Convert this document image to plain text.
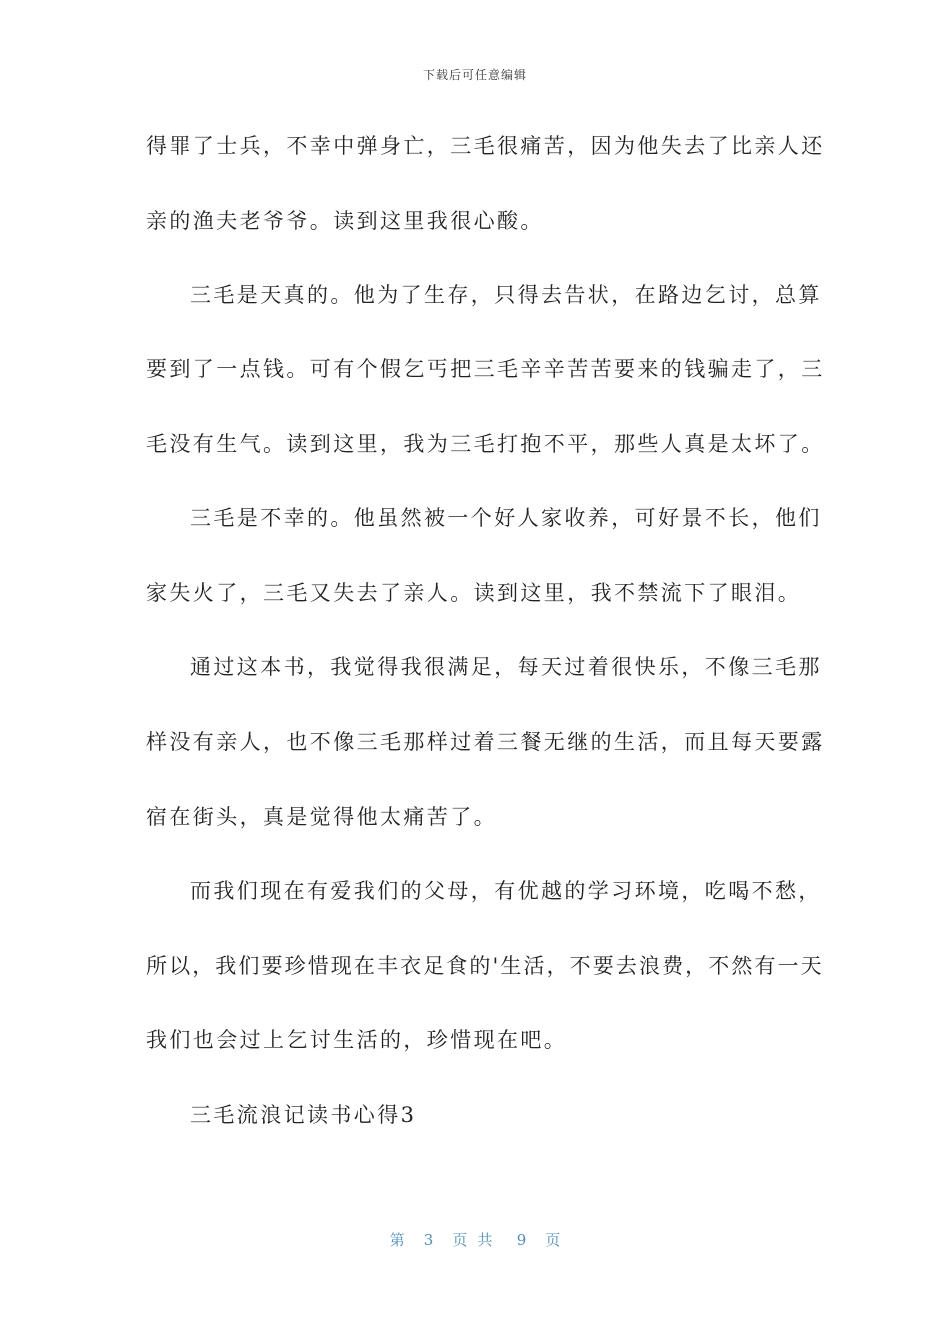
下载后可任意编辑
得罪了士兵，不幸中弹身亡，三毛很痛苦，因为他失去了比亲人还
亲的渔夫老爷爷。读到这里我很心酸。
三毛是天真的。他为了生存，只得去告状，在路边乞讨，总算
要到了一点钱。可有个假乞丐把三毛辛辛苦苦要来的钱骗走了，三
毛没有生气。读到这里，我为三毛打抱不平，那些人真是太坏了。
三毛是不幸的。他虽然被一个好人家收养，可好景不长，他们
家失火了，三毛又失去了亲人。读到这里，我不禁流下了眼泪。
通过这本书，我觉得我很满足，每天过着很快乐，不像三毛那
样没有亲人，也不像三毛那样过着三餐无继的生活，而且每天要露
宿在街头，真是觉得他太痛苦了。
而我们现在有爱我们的父母，有优越的学习环境，吃喝不愁，
所以，我们要珍惜现在丰衣足食的'生活，不要去浪费，不然有一天
我们也会过上乞讨生活的，珍惜现在吧。
三毛流浪记读书心得3
第 3 页共 9 页
